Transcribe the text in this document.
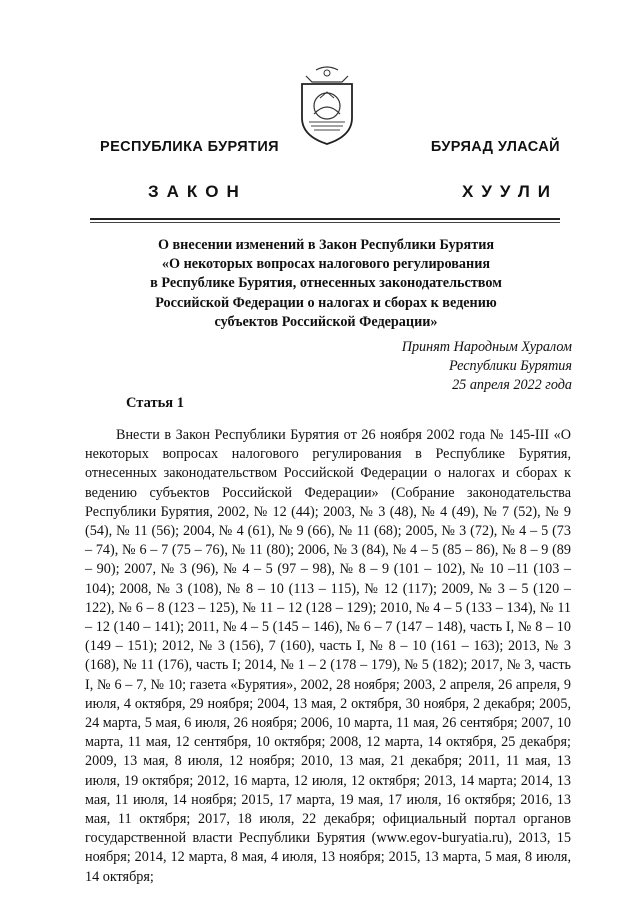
РЕСПУБЛИКА БУРЯТИЯ	БУРЯАД УЛАСАЙ
ЗАКОН	ХУУЛИ
О внесении изменений в Закон Республики Бурятия
«О некоторых вопросах налогового регулирования
в Республике Бурятия, отнесенных законодательством
Российской Федерации о налогах и сборах к ведению
субъектов Российской Федерации»
Принят Народным Хуралом
Республики Бурятия
25 апреля 2022 года
Статья 1

Внести в Закон Республики Бурятия от 26 ноября 2002 года № 145-III «О некоторых вопросах налогового регулирования в Республике Бурятия, отнесенных законодательством Российской Федерации о налогах и сборах к ведению субъектов Российской Федерации» (Собрание законодательства Республики Бурятия, 2002, № 12 (44); 2003, № 3 (48), № 4 (49), № 7 (52), № 9 (54), № 11 (56); 2004, № 4 (61), № 9 (66), № 11 (68); 2005, № 3 (72), № 4 – 5 (73 – 74), № 6 – 7 (75 – 76), № 11 (80); 2006, № 3 (84), № 4 – 5 (85 – 86), № 8 – 9 (89 – 90); 2007, № 3 (96), № 4 – 5 (97 – 98), № 8 – 9 (101 – 102), № 10 –11 (103 – 104); 2008, № 3 (108), № 8 – 10 (113 – 115), № 12 (117); 2009, № 3 – 5 (120 – 122), № 6 – 8 (123 – 125), № 11 – 12 (128 – 129); 2010, № 4 – 5 (133 – 134), № 11 – 12 (140 – 141); 2011, № 4 – 5 (145 – 146), № 6 – 7 (147 – 148), часть I, № 8 – 10 (149 – 151); 2012, № 3 (156), 7 (160), часть I, № 8 – 10 (161 – 163); 2013, № 3 (168), № 11 (176), часть I; 2014, № 1 – 2 (178 – 179), № 5 (182); 2017, № 3, часть I, № 6 – 7, № 10; газета «Бурятия», 2002, 28 ноября; 2003, 2 апреля, 26 апреля, 9 июля, 4 октября, 29 ноября; 2004, 13 мая, 2 октября, 30 ноября, 2 декабря; 2005, 24 марта, 5 мая, 6 июля, 26 ноября; 2006, 10 марта, 11 мая, 26 сентября; 2007, 10 марта, 11 мая, 12 сентября, 10 октября; 2008, 12 марта, 14 октября, 25 декабря; 2009, 13 мая, 8 июля, 12 ноября; 2010, 13 мая, 21 декабря; 2011, 11 мая, 13 июля, 19 октября; 2012, 16 марта, 12 июля, 12 октября; 2013, 14 марта; 2014, 13 мая, 11 июля, 14 ноября; 2015, 17 марта, 19 мая, 17 июля, 16 октября; 2016, 13 мая, 11 октября; 2017, 18 июля, 22 декабря; официальный портал органов государственной власти Республики Бурятия (www.egov-buryatia.ru), 2013, 15 ноября; 2014, 12 марта, 8 мая, 4 июля, 13 ноября; 2015, 13 марта, 5 мая, 8 июля, 14 октября;
